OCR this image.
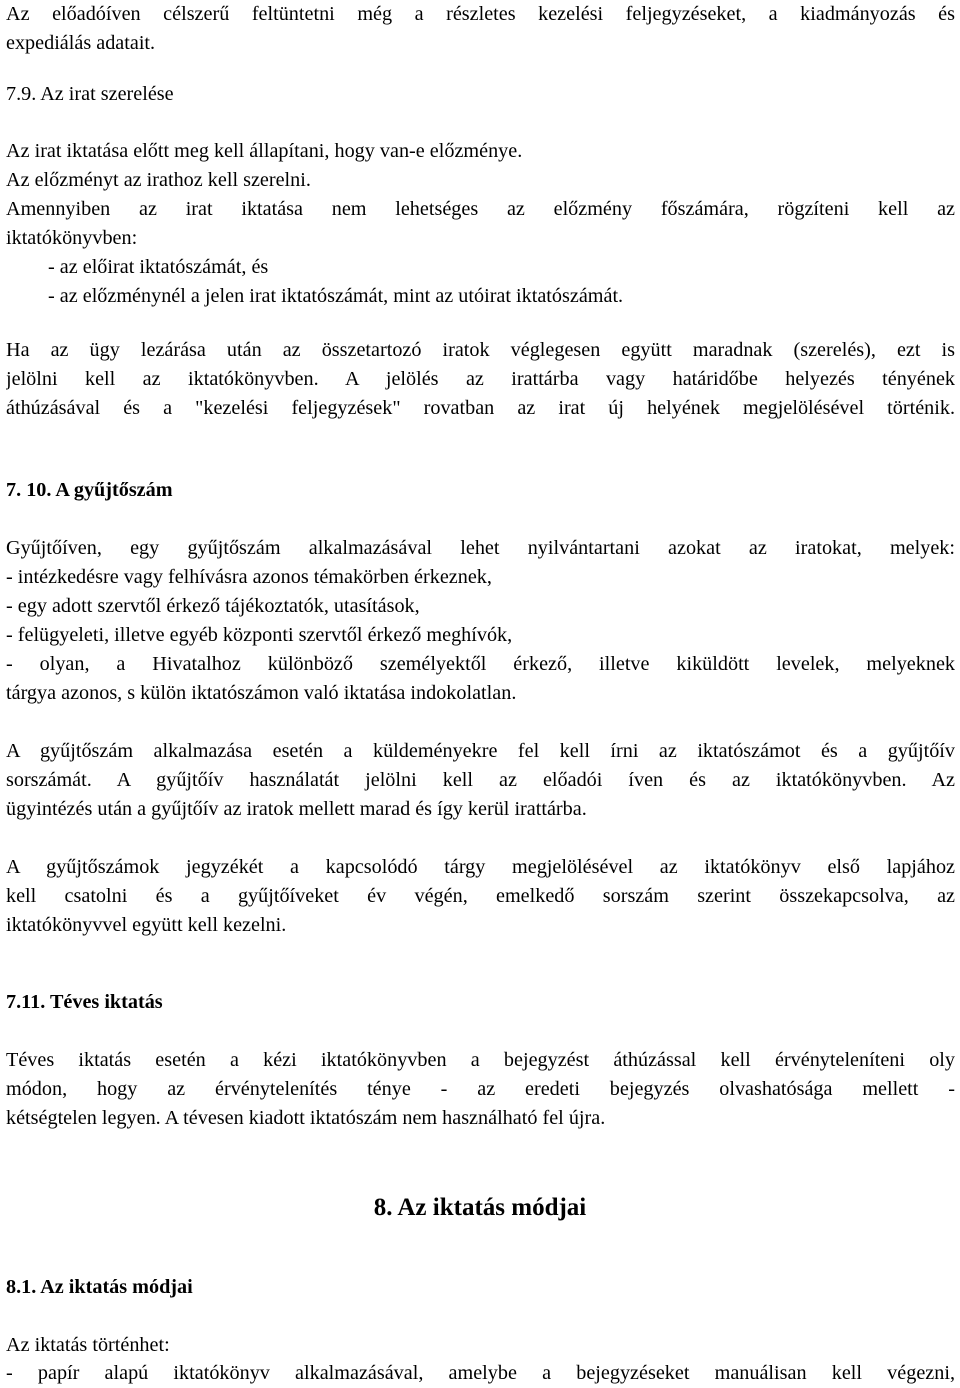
Az előadóíven célszerű feltüntetni még a részletes kezelési feljegyzéseket, a kiadmányozás és
expediálás adatait.
7.9. Az irat szerelése
Az irat iktatása előtt meg kell állapítani, hogy van-e előzménye.
Az előzményt az irathoz kell szerelni.
Amennyiben az irat iktatása nem lehetséges az előzmény főszámára, rögzíteni kell az
iktatókönyvben:
- az előirat iktatószámát, és
- az előzménynél a jelen irat iktatószámát, mint az utóirat iktatószámát.
Ha az ügy lezárása után az összetartozó iratok véglegesen együtt maradnak (szerelés), ezt is
jelölni kell az iktatókönyvben. A jelölés az irattárba vagy határidőbe helyezés tényének
áthúzásával és a "kezelési feljegyzések" rovatban az irat új helyének megjelölésével történik.
7. 10. A gyűjtőszám
Gyűjtőíven, egy gyűjtőszám alkalmazásával lehet nyilvántartani azokat az iratokat, melyek:
- intézkedésre vagy felhívásra azonos témakörben érkeznek,
- egy adott szervtől érkező tájékoztatók, utasítások,
- felügyeleti, illetve egyéb központi szervtől érkező meghívók,
- olyan, a Hivatalhoz különböző személyektől érkező, illetve kiküldött levelek, melyeknek
tárgya azonos, s külön iktatószámon való iktatása indokolatlan.
A gyűjtőszám alkalmazása esetén a küldeményekre fel kell írni az iktatószámot és a gyűjtőív
sorszámát. A gyűjtőív használatát jelölni kell az előadói íven és az iktatókönyvben. Az
ügyintézés után a gyűjtőív az iratok mellett marad és így kerül irattárba.
A gyűjtőszámok jegyzékét a kapcsolódó tárgy megjelölésével az iktatókönyv első lapjához
kell csatolni és a gyűjtőíveket év végén, emelkedő sorszám szerint összekapcsolva, az
iktatókönyvvel együtt kell kezelni.
7.11. Téves iktatás
Téves iktatás esetén a kézi iktatókönyvben a bejegyzést áthúzással kell érvényteleníteni oly
módon, hogy az érvénytelenítés ténye - az eredeti bejegyzés olvashatósága mellett -
kétségtelen legyen. A tévesen kiadott iktatószám nem használható fel újra.
8. Az iktatás módjai
8.1. Az iktatás módjai
Az iktatás történhet:
- papír alapú iktatókönyv alkalmazásával, amelybe a bejegyzéseket manuálisan kell végezni,
